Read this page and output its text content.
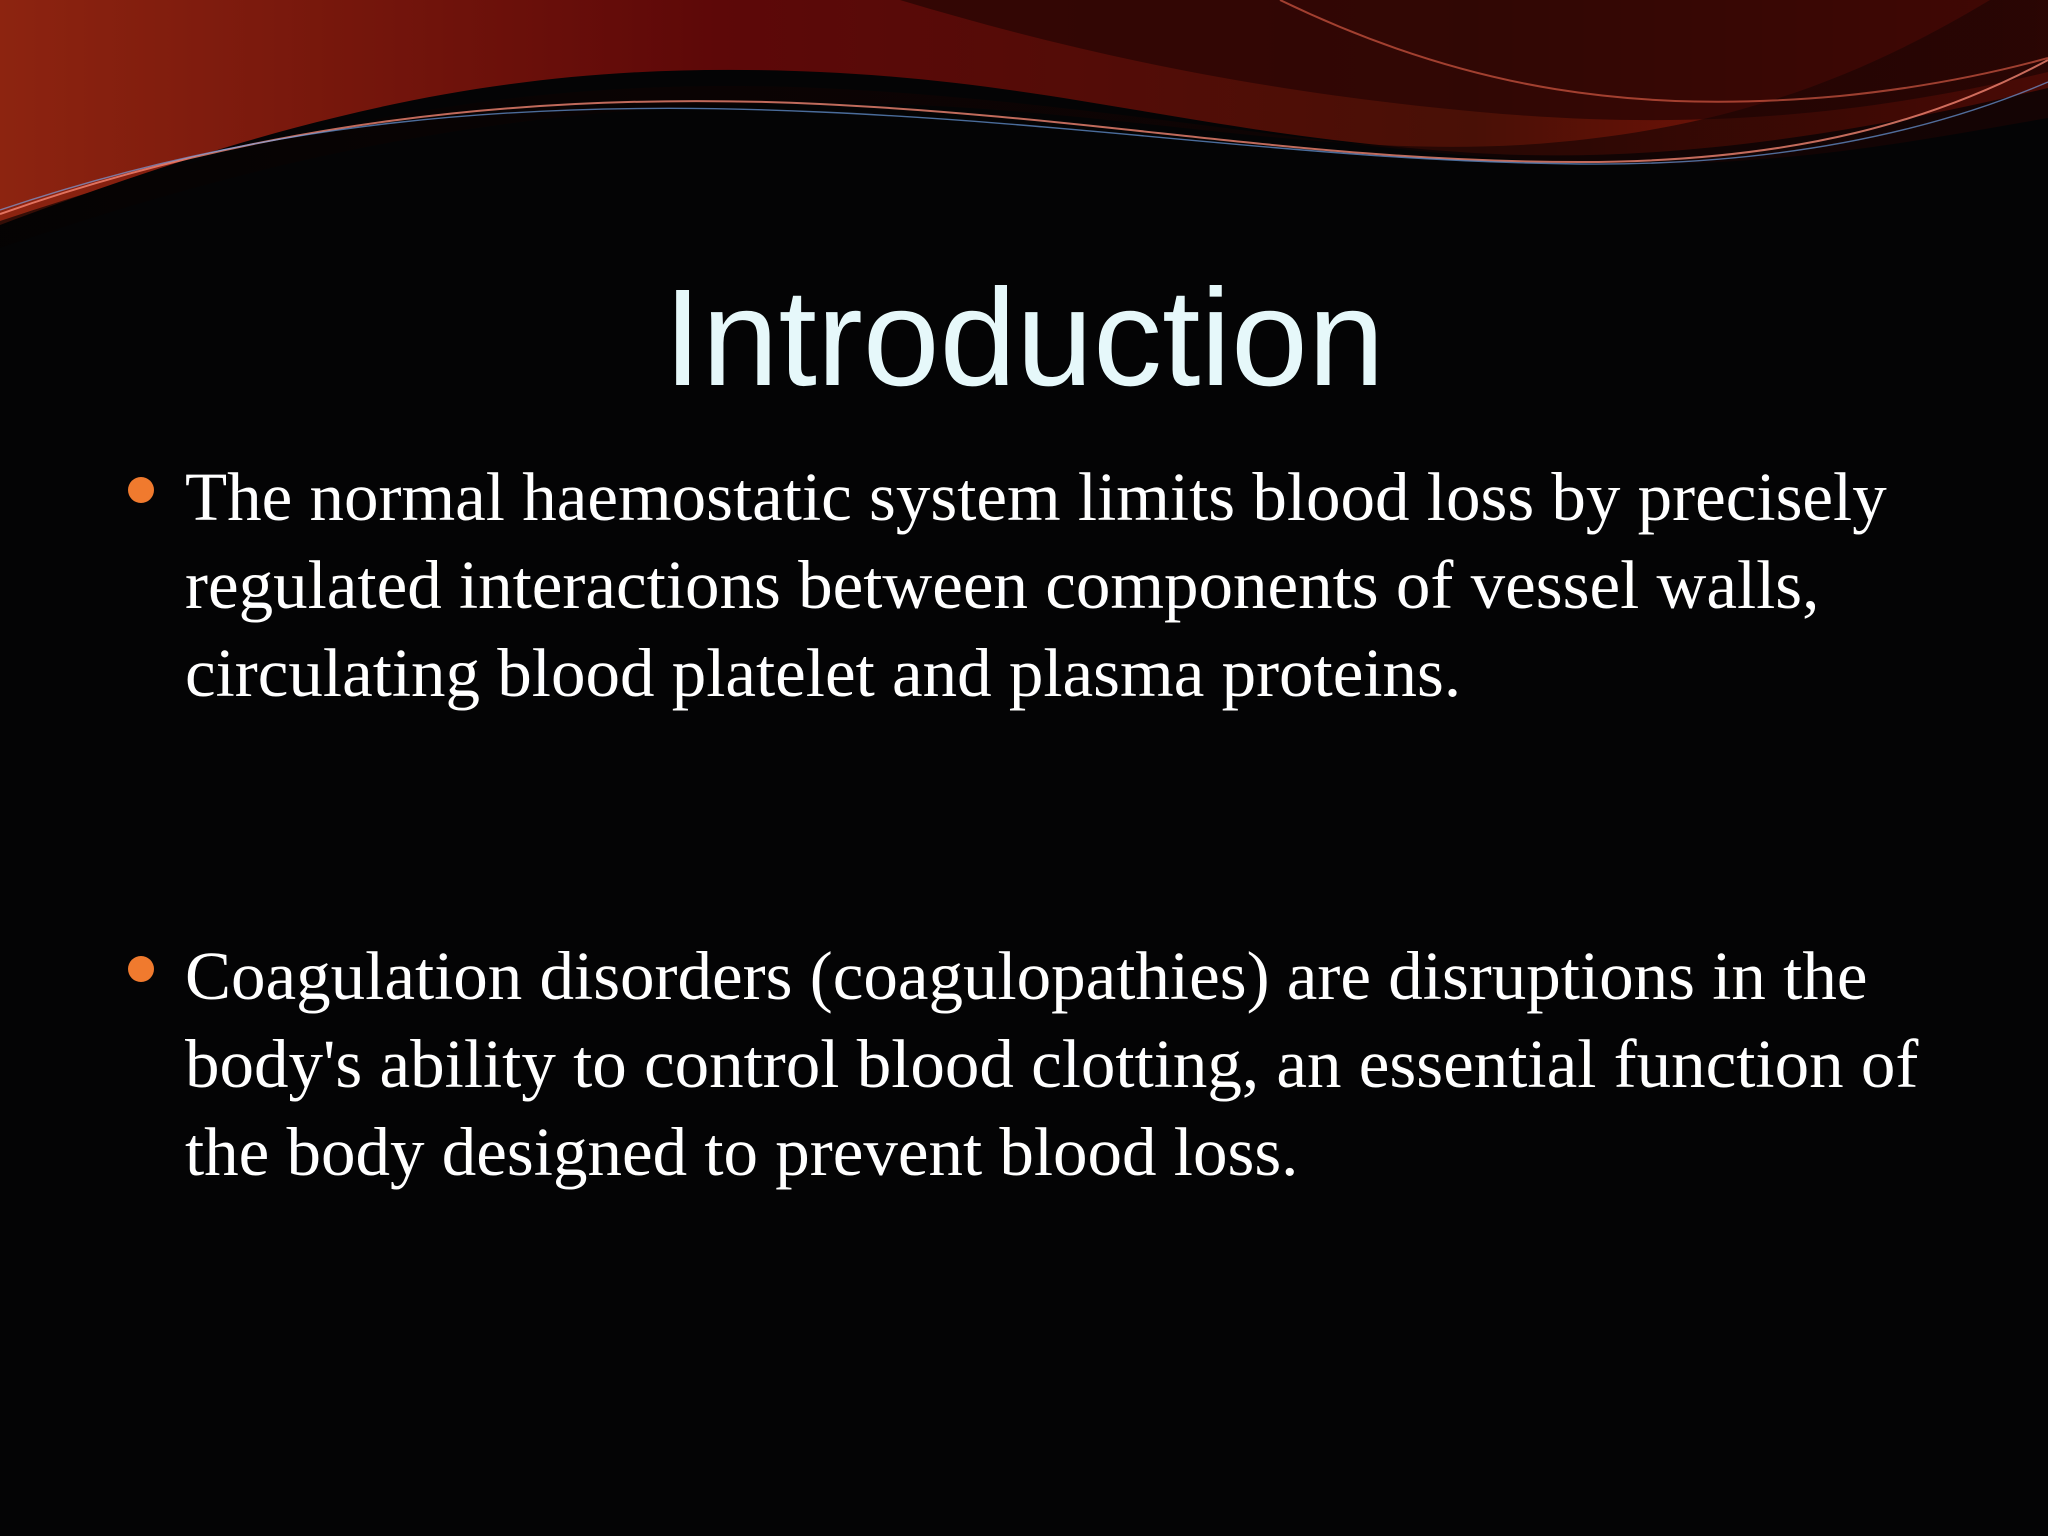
Introduction

The normal haemostatic system limits blood loss by precisely  regulated interactions between components of vessel walls, circulating blood platelet and plasma proteins.

Coagulation disorders (coagulopathies) are disruptions in the body's ability to control blood clotting, an essential function of the body designed to prevent blood loss.
